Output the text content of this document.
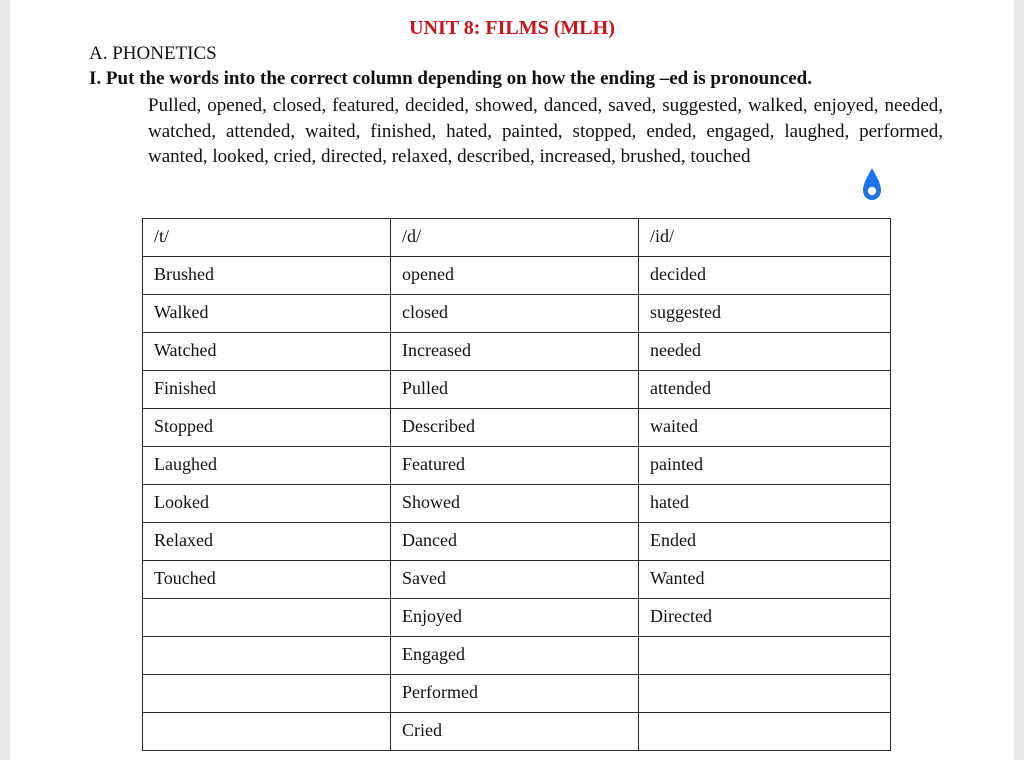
UNIT 8: FILMS (MLH)
A. PHONETICS
I. Put the words into the correct column depending on how the ending –ed is pronounced.
Pulled, opened, closed, featured, decided, showed, danced, saved, suggested, walked, enjoyed, needed, watched, attended, waited, finished, hated, painted, stopped, ended, engaged, laughed, performed, wanted, looked, cried, directed, relaxed, described, increased, brushed, touched
/t/	/d/	/id/
Brushed	opened	decided
Walked	closed	suggested
Watched	Increased	needed
Finished	Pulled	attended
Stopped	Described	waited
Laughed	Featured	painted
Looked	Showed	hated
Relaxed	Danced	Ended
Touched	Saved	Wanted
	Enjoyed	Directed
	Engaged	
	Performed	
	Cried	
